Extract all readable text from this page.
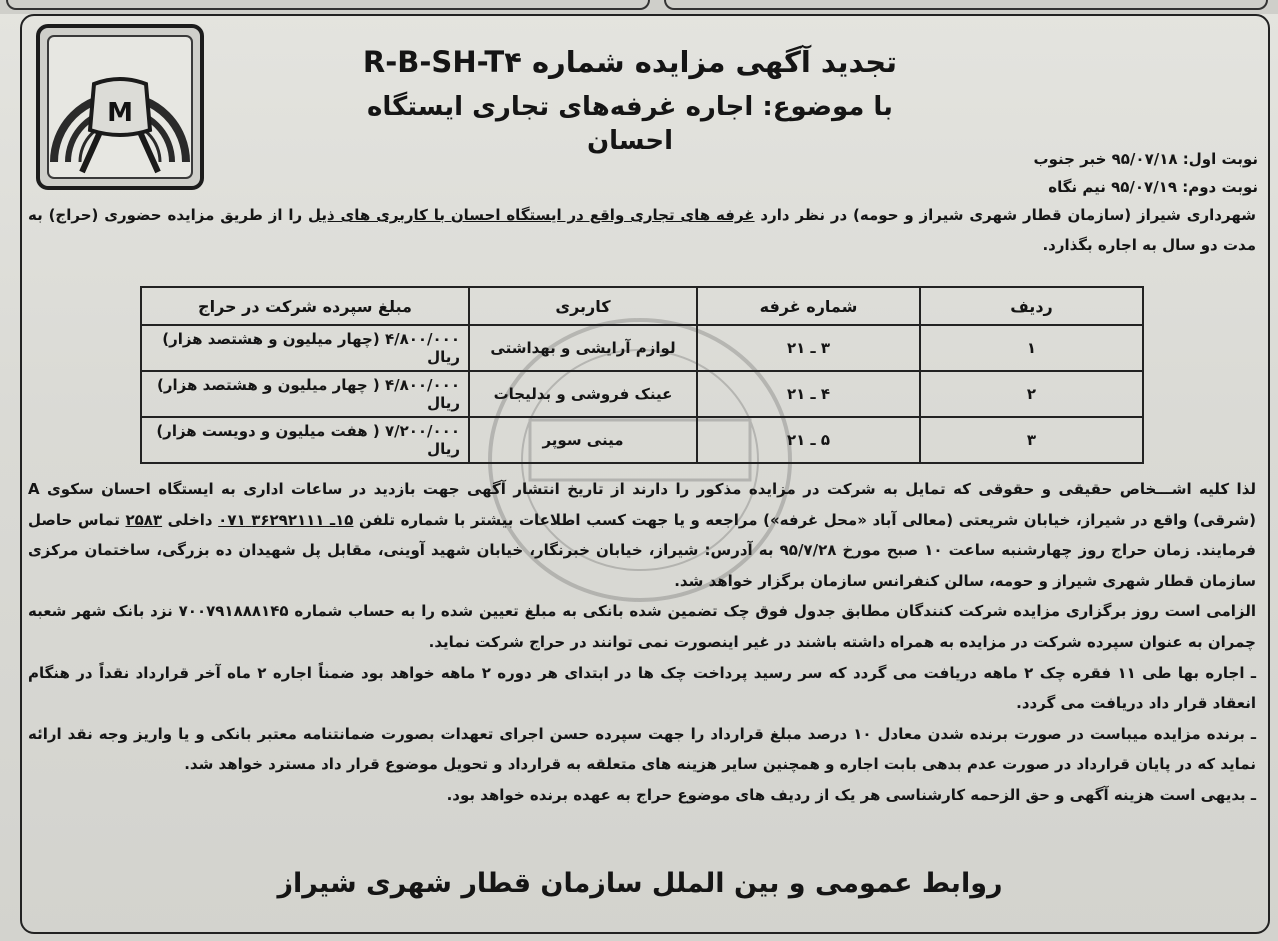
M
تجدید آگهی مزایده شماره R-B-SH-T۴
با موضوع: اجاره غرفه‌های تجاری ایستگاه احسان
نوبت اول: ۹۵/۰۷/۱۸ خبر جنوب
نوبت دوم: ۹۵/۰۷/۱۹ نیم نگاه
شهرداری شیراز (سازمان قطار شهری شیراز و حومه) در نظر دارد غرفه های تجاری واقع در ایستگاه احسان با کاربری های ذیل را از طریق مزایده حضوری (حراج) به مدت دو سال به اجاره بگذارد.
ردیف	شماره غرفه	کاربری	مبلغ سپرده شرکت در حراج
۱	۳ ـ ۲۱	لوازم آرایشی و بهداشتی	۴/۸۰۰/۰۰۰ (چهار میلیون و هشتصد هزار) ریال
۲	۴ ـ ۲۱	عینک فروشی و بدلیجات	۴/۸۰۰/۰۰۰ ( چهار میلیون و هشتصد هزار) ریال
۳	۵ ـ ۲۱	مینی سوپر	۷/۲۰۰/۰۰۰ ( هفت میلیون و دویست هزار) ریال

لذا کلیه اشـــخاص حقیقی و حقوقی که تمایل به شرکت در مزایده مذکور را دارند از تاریخ انتشار آگهی جهت بازدید در ساعات اداری به ایستگاه احسان سکوی A (شرقی) واقع در شیراز، خیابان شریعتی (معالی آباد «محل غرفه») مراجعه و یا جهت کسب اطلاعات بیشتر با شماره تلفن ۱۵ـ ۳۶۲۹۲۱۱۱ ۰۷۱ داخلی ۲۵۸۳ تماس حاصل فرمایند. زمان حراج روز چهارشنبه ساعت ۱۰ صبح مورخ ۹۵/۷/۲۸ به آدرس: شیراز، خیابان خبرنگار، خیابان شهید آوینی، مقابل پل شهیدان ده بزرگی، ساختمان مرکزی سازمان قطار شهری شیراز و حومه، سالن کنفرانس سازمان برگزار خواهد شد.

الزامی است روز برگزاری مزایده شرکت کنندگان مطابق جدول فوق چک تضمین شده بانکی به مبلغ تعیین شده را به حساب شماره ۷۰۰۷۹۱۸۸۸۱۴۵ نزد بانک شهر شعبه چمران به عنوان سپرده شرکت در مزایده به همراه داشته باشند در غیر اینصورت نمی توانند در حراج شرکت نماید.

ـ اجاره بها طی ۱۱ فقره چک ۲ ماهه دریافت می گردد که سر رسید پرداخت چک ها در ابتدای هر دوره ۲ ماهه خواهد بود ضمناً اجاره ۲ ماه آخر قرارداد نقداً در هنگام انعقاد قرار داد دریافت می گردد.

ـ برنده مزایده میباست در صورت برنده شدن معادل ۱۰ درصد مبلغ قرارداد را جهت سپرده حسن اجرای تعهدات بصورت ضمانتنامه معتبر بانکی و یا واریز وجه نقد ارائه نماید که در پایان قرارداد در صورت عدم بدهی بابت اجاره و همچنین سایر هزینه های متعلقه به قرارداد و تحویل موضوع قرار داد مسترد خواهد شد.

ـ بدیهی است هزینه آگهی و حق الزحمه کارشناسی هر یک از ردیف های موضوع حراج به عهده برنده خواهد بود.

روابط عمومی و بین الملل سازمان قطار شهری شیراز
